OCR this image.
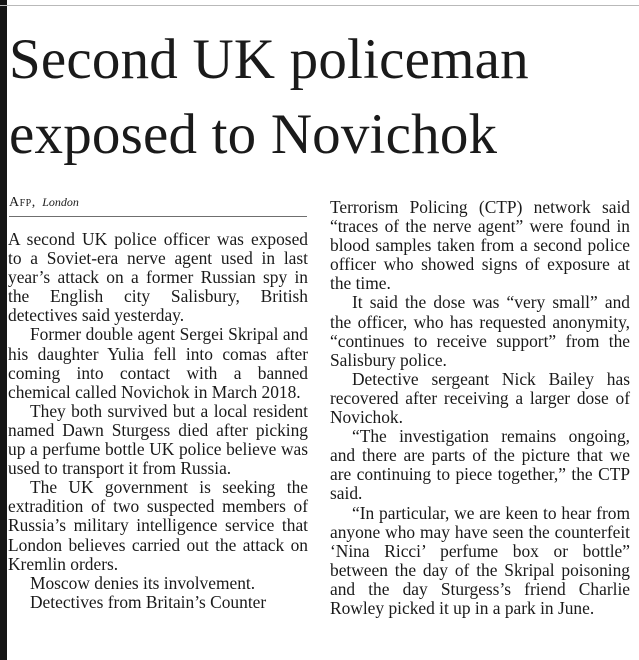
Second UK policeman
exposed to Novichok
Afp, London

A second UK police officer was exposed to a Soviet-era nerve agent used in last year’s attack on a former Russian spy in the English city Salisbury, British detectives said yesterday.

Former double agent Sergei Skripal and his daughter Yulia fell into comas after coming into contact with a banned chemical called Novichok in March 2018.

They both survived but a local resident named Dawn Sturgess died after picking up a perfume bottle UK police believe was used to transport it from Russia.

The UK government is seeking the extradition of two suspected members of Russia’s military intelligence service that London believes carried out the attack on Kremlin orders.

Moscow denies its involvement.

Detectives from Britain’s Counter

Terrorism Policing (CTP) network said “traces of the nerve agent” were found in blood samples taken from a second police officer who showed signs of exposure at the time.

It said the dose was “very small” and the officer, who has requested anonymity, “continues to receive support” from the Salisbury police.

Detective sergeant Nick Bailey has recovered after receiving a larger dose of Novichok.

“The investigation remains ongoing, and there are parts of the picture that we are continuing to piece together,” the CTP said.

“In particular, we are keen to hear from anyone who may have seen the counterfeit ‘Nina Ricci’ perfume box or bottle” between the day of the Skripal poisoning and the day Sturgess’s friend Charlie Rowley picked it up in a park in June.
